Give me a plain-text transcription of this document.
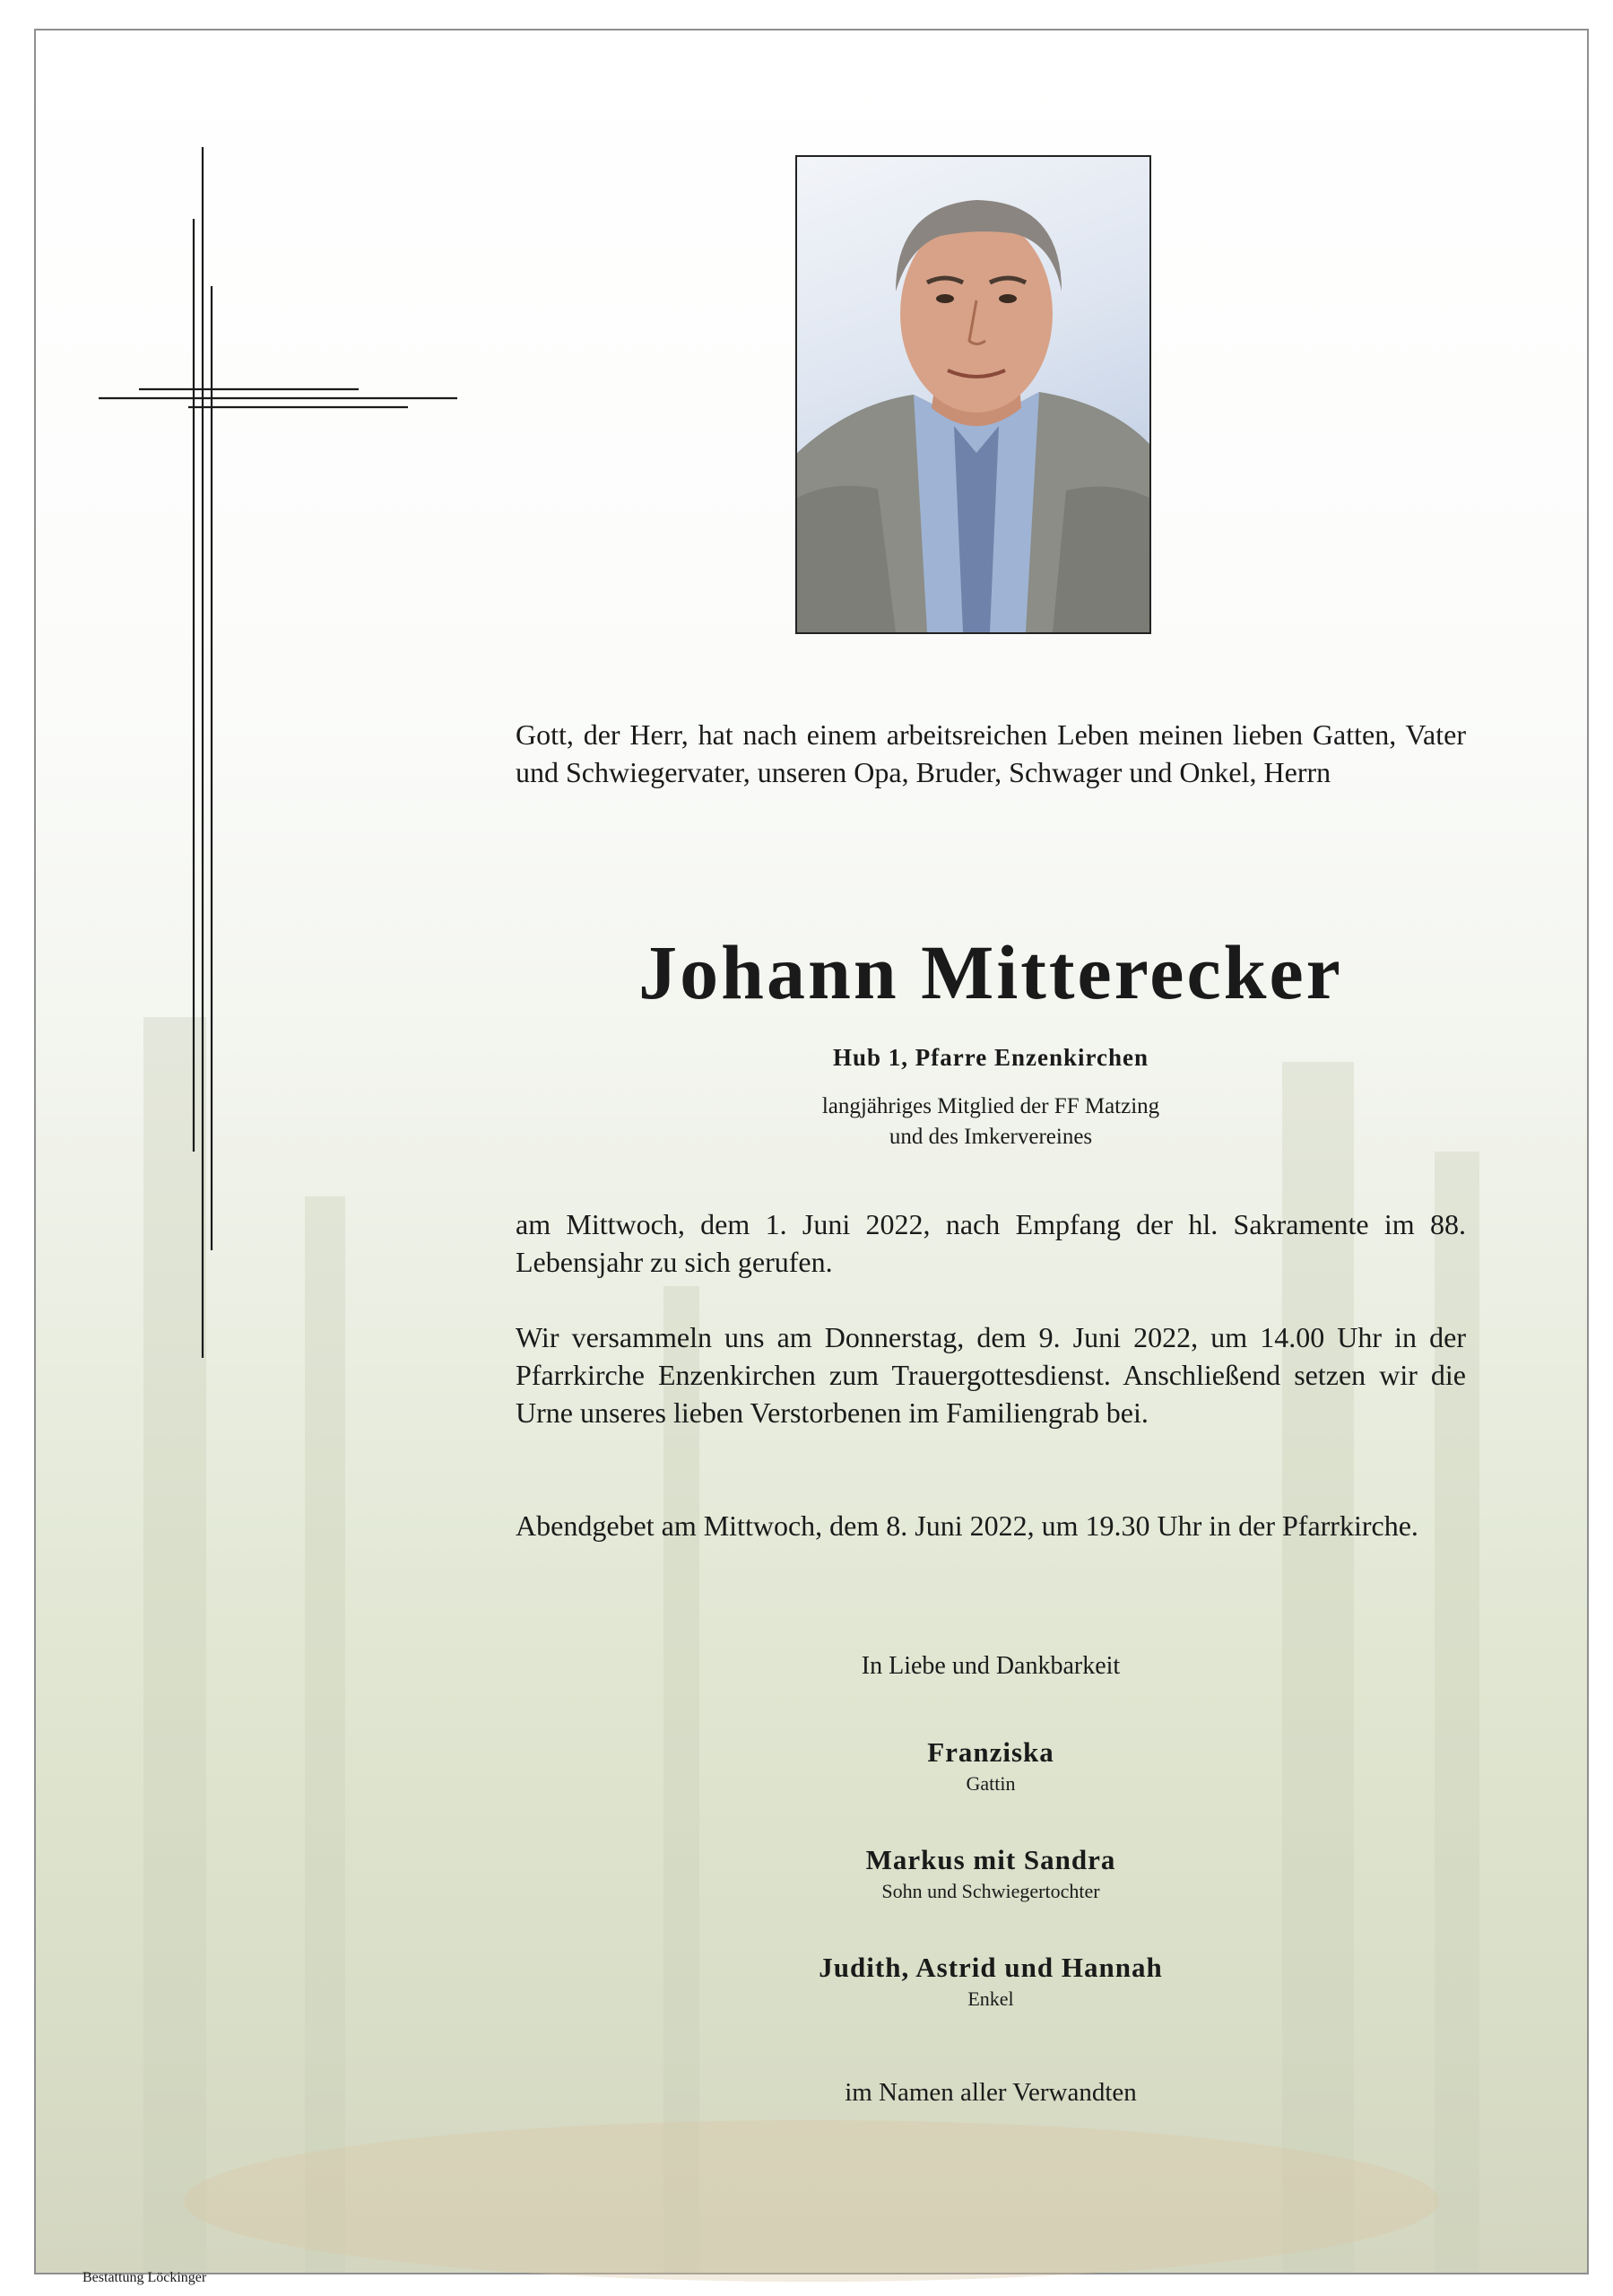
Gott, der Herr, hat nach einem arbeitsreichen Leben meinen lieben Gatten, Vater und Schwiegervater, unseren Opa, Bruder, Schwager und Onkel, Herrn
Johann Mitterecker
Hub 1, Pfarre Enzenkirchen
langjähriges Mitglied der FF Matzing
und des Imkervereines
am Mittwoch, dem 1. Juni 2022, nach Empfang der hl. Sakramente im 88. Lebensjahr zu sich gerufen.
Wir versammeln uns am Donnerstag, dem 9. Juni 2022, um 14.00 Uhr in der Pfarrkirche Enzenkirchen zum Trauergottesdienst. Anschließend setzen wir die Urne unseres lieben Verstorbenen im Familiengrab bei.
Abendgebet am Mittwoch, dem 8. Juni 2022, um 19.30 Uhr in der Pfarrkirche.
In Liebe und Dankbarkeit
Franziska
Gattin
Markus mit Sandra
Sohn und Schwiegertochter
Judith, Astrid und Hannah
Enkel
im Namen aller Verwandten
Bestattung Löckinger
